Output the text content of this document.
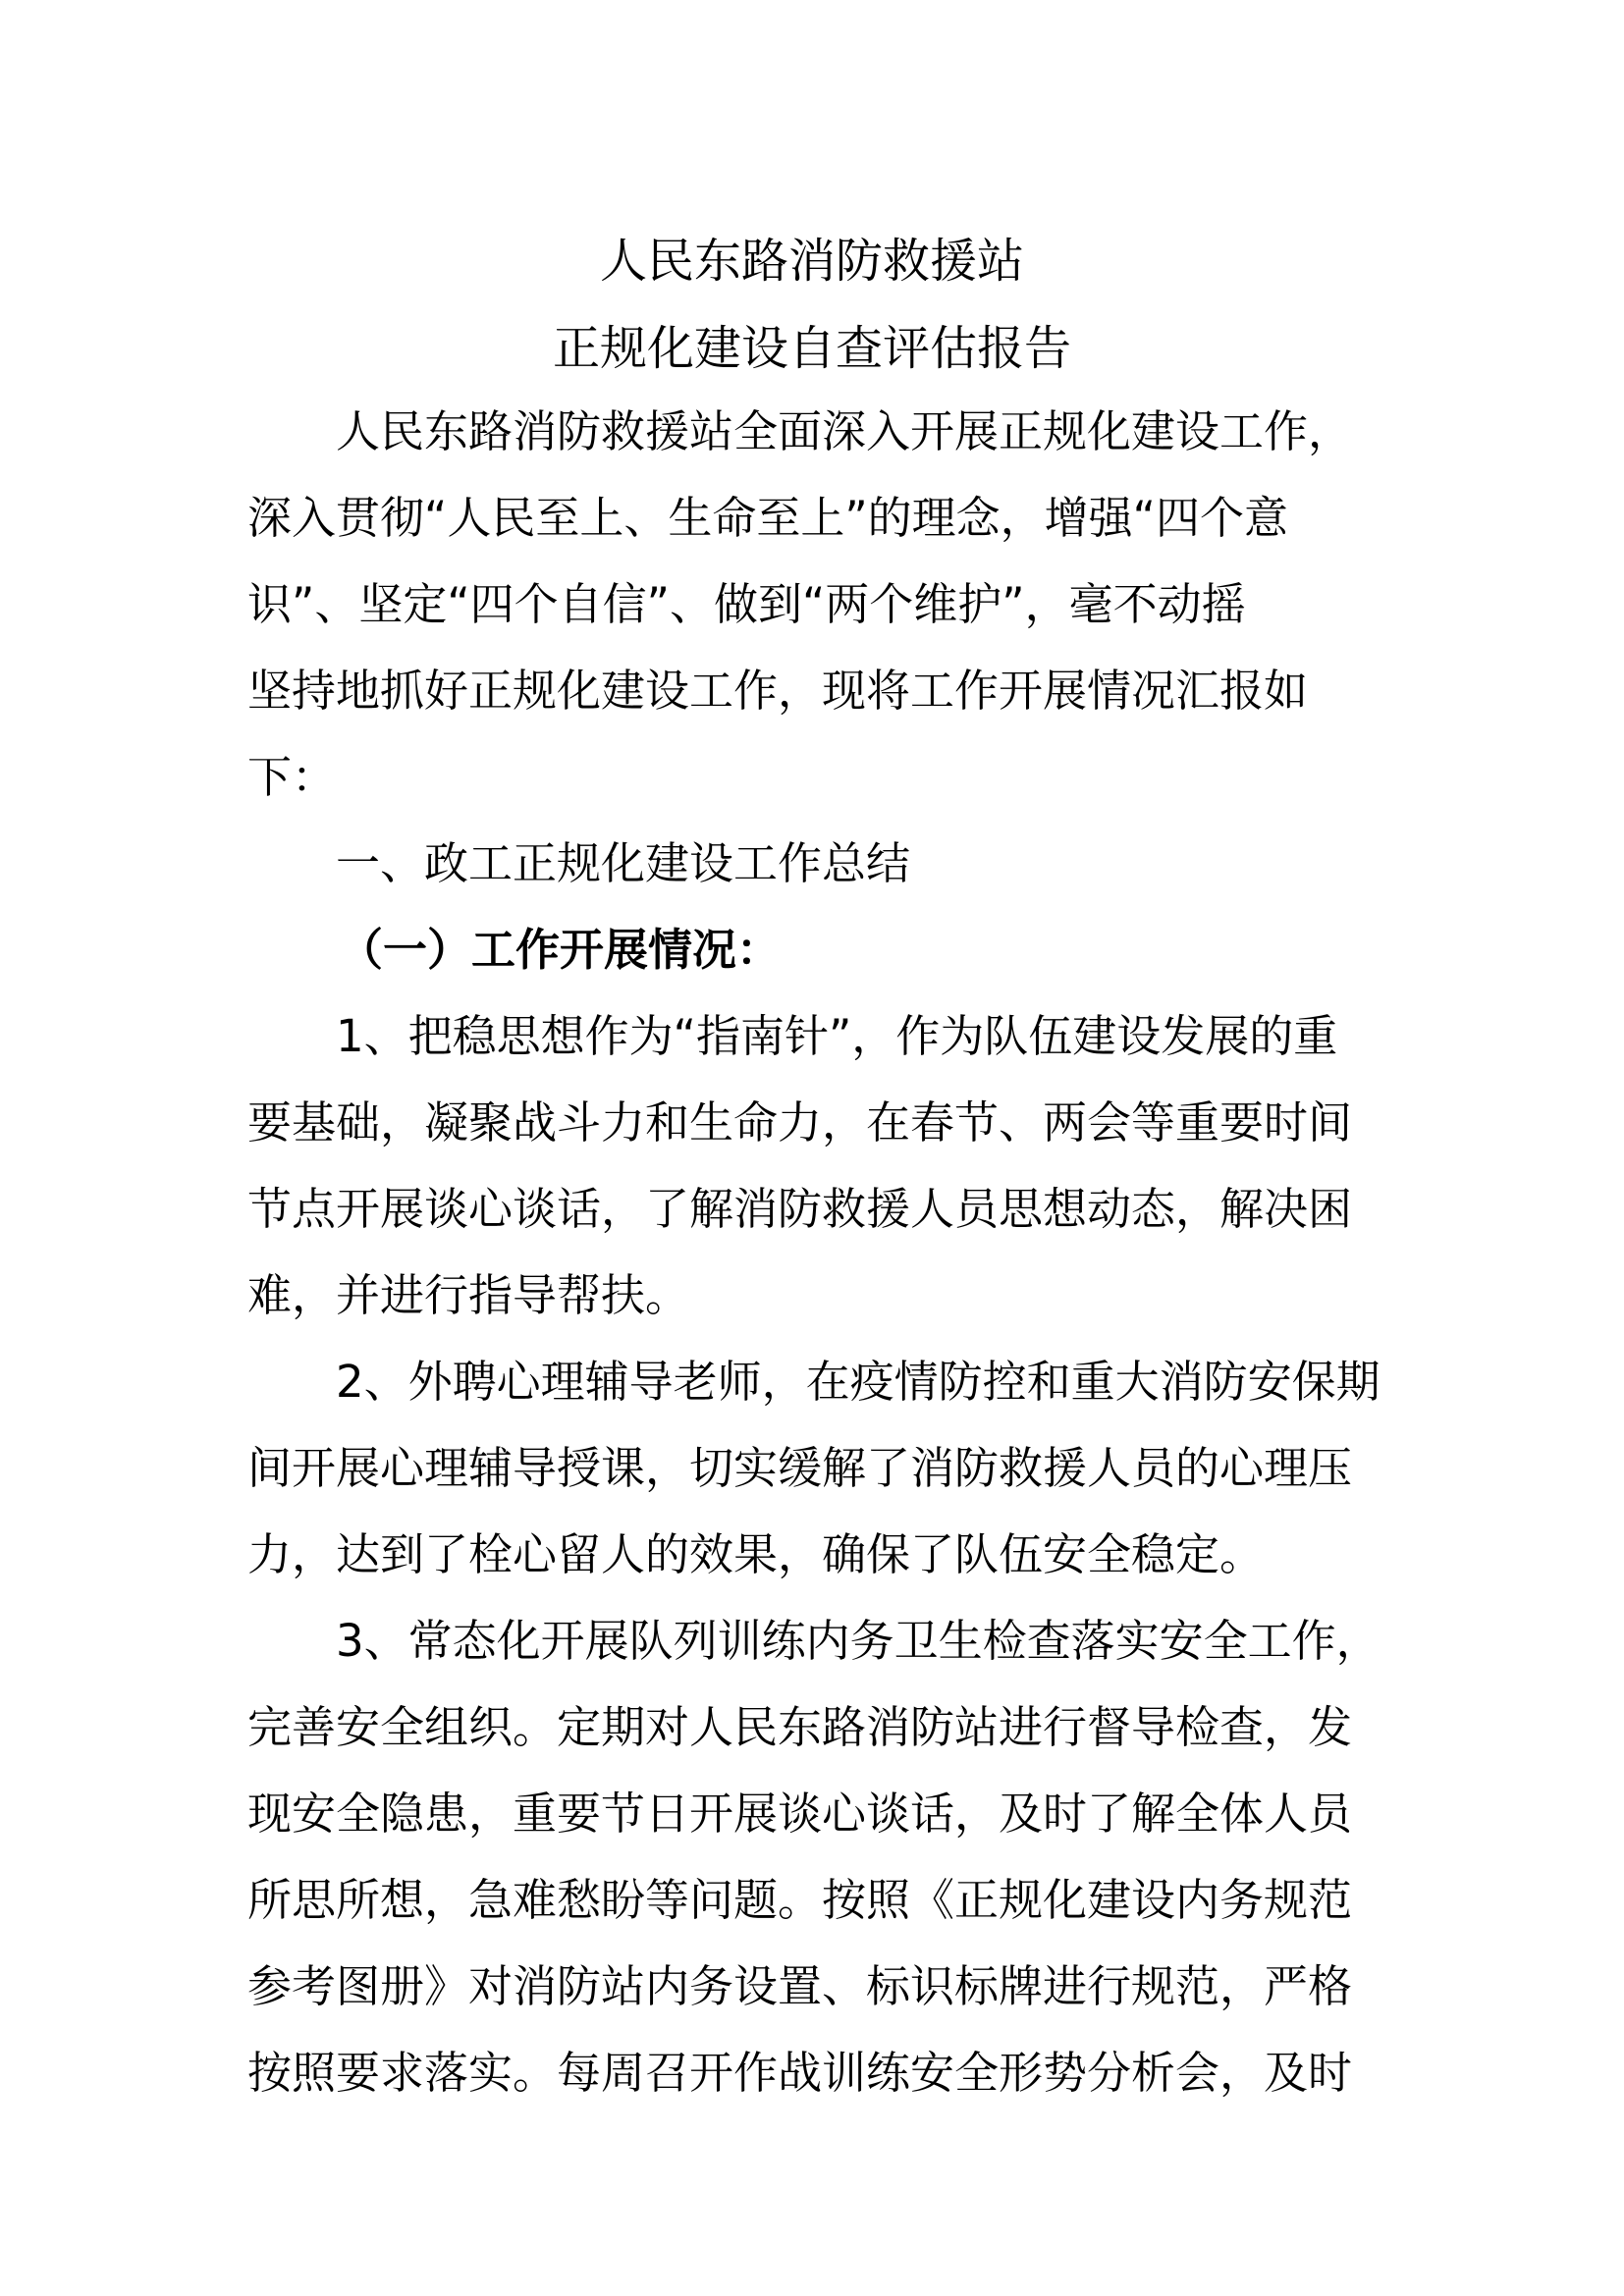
人民东路消防救援站
正规化建设自查评估报告
人民东路消防救援站全面深入开展正规化建设工作，
深入贯彻“人民至上、生命至上”的理念，增强“四个意
识”、坚定“四个自信”、做到“两个维护”，毫不动摇
坚持地抓好正规化建设工作，现将工作开展情况汇报如
下：
一、政工正规化建设工作总结
（一）工作开展情况：
1、把稳思想作为“指南针”，作为队伍建设发展的重
要基础，凝聚战斗力和生命力，在春节、两会等重要时间
节点开展谈心谈话，了解消防救援人员思想动态，解决困
难，并进行指导帮扶。
2、外聘心理辅导老师，在疫情防控和重大消防安保期
间开展心理辅导授课，切实缓解了消防救援人员的心理压
力，达到了栓心留人的效果，确保了队伍安全稳定。
3、常态化开展队列训练内务卫生检查落实安全工作，
完善安全组织。定期对人民东路消防站进行督导检查，发
现安全隐患，重要节日开展谈心谈话，及时了解全体人员
所思所想，急难愁盼等问题。按照《正规化建设内务规范
参考图册》对消防站内务设置、标识标牌进行规范，严格
按照要求落实。每周召开作战训练安全形势分析会，及时
